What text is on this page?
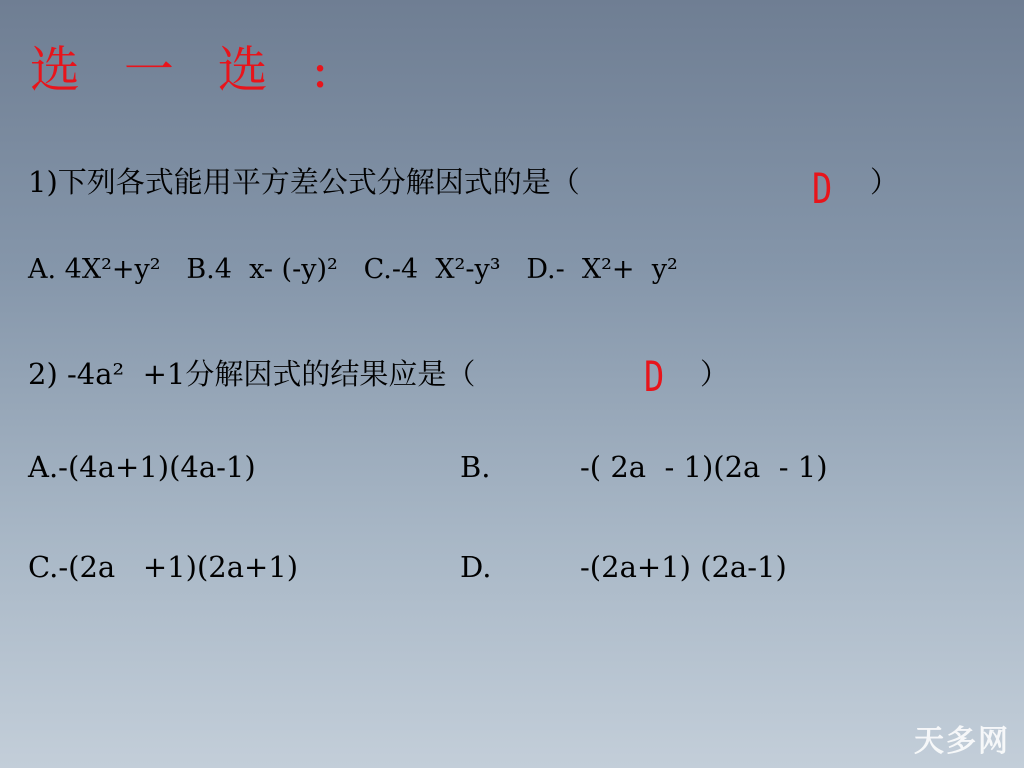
选 一 选 :
1)下列各式能用平方差公式分解因式的是（	D ）
A. 4X²+y²   B.4  x- (-y)²   C.-4  X²-y³   D.-  X²+  y²
2) -4a²  +1分解因式的结果应是（	D ）
A.-(4a+1)(4a-1)	B.	-( 2a  - 1)(2a  - 1)
C.-(2a   +1)(2a+1)	D.	-(2a+1) (2a-1)
天多网
